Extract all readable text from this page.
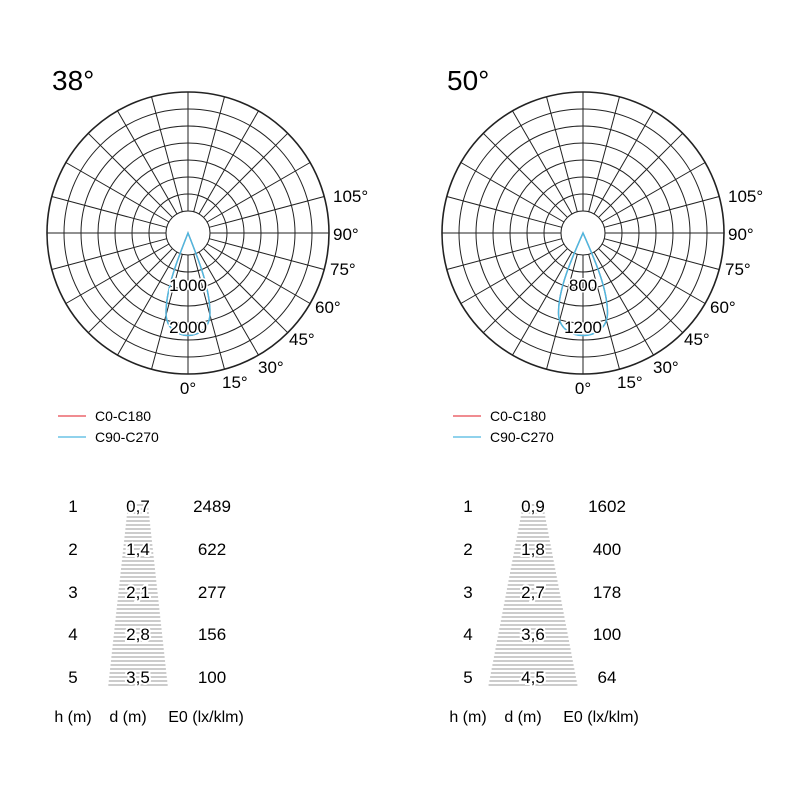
38°
105°
90°
75°
60°
45°
30°
15°
0°
1000
2000
C0-C180
C90-C270
1	0,7	2489
2	1,4	622
3	2,1	277
4	2,8	156
5	3,5	100
h (m) d (m) E0 (lx/klm)
50°
105°
90°
75°
60°
45°
30°
15°
0°
800
1200
C0-C180
C90-C270
1	0,9	1602
2	1,8	400
3	2,7	178
4	3,6	100
5	4,5	64
h (m) d (m) E0 (lx/klm)
